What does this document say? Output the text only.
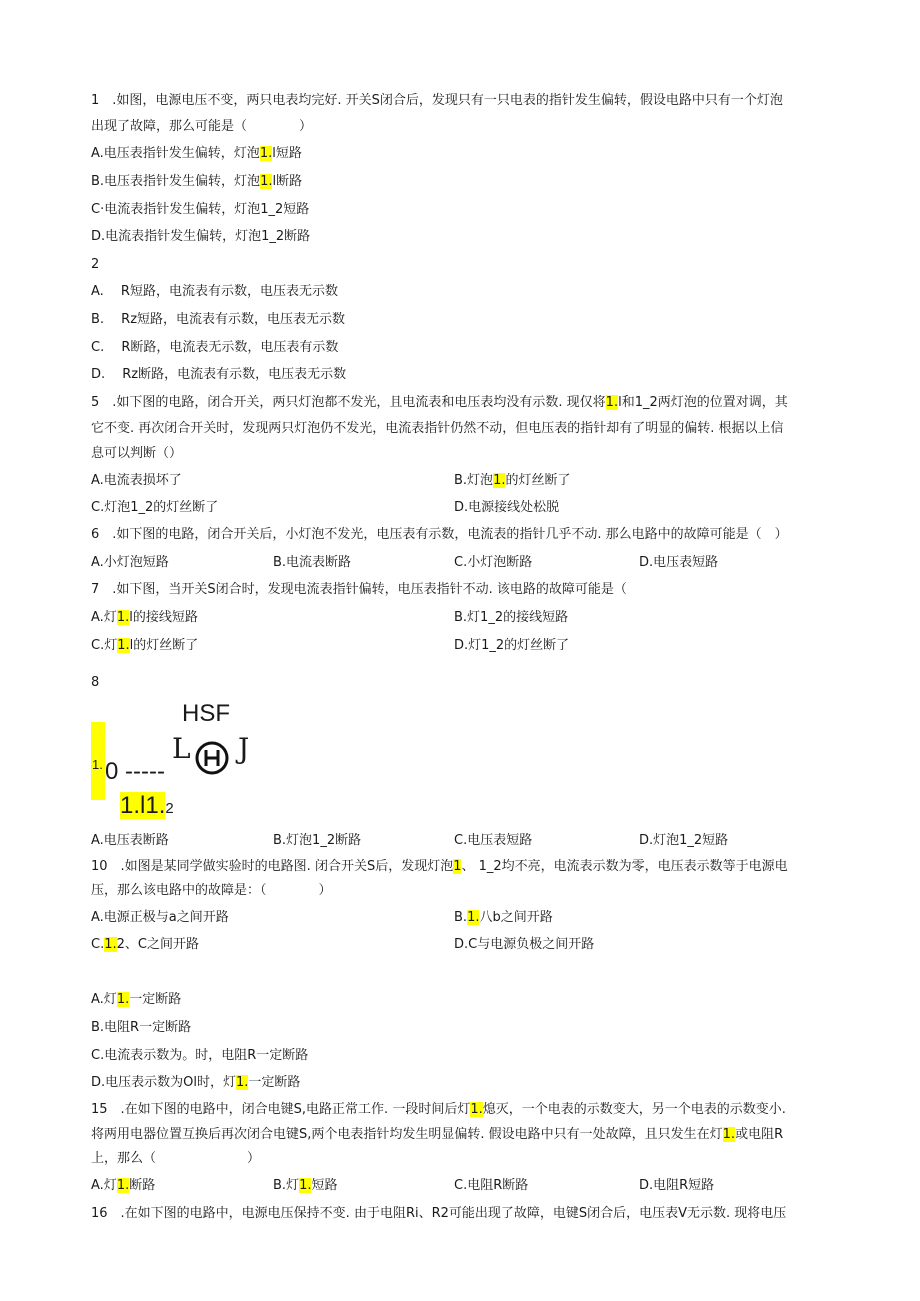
1　.如图，电源电压不变，两只电表均完好. 开关S闭合后，发现只有一只电表的指针发生偏转，假设电路中只有一个灯泡
出现了故障，那么可能是（　　　　）
A.电压表指针发生偏转，灯泡1.l短路
B.电压表指针发生偏转，灯泡1.l断路
C·电流表指针发生偏转，灯泡1_2短路
D.电流表指针发生偏转，灯泡1_2断路
2
A.　 R短路，电流表有示数，电压表无示数
B.　 Rz短路，电流表有示数，电压表无示数
C.　 R断路，电流表无示数，电压表有示数
D.　 Rz断路，电流表有示数，电压表无示数
5　.如下图的电路，闭合开关，两只灯泡都不发光，且电流表和电压表均没有示数. 现仅将1.l和1_2两灯泡的位置对调，其
它不变. 再次闭合开关时，发现两只灯泡仍不发光，电流表指针仍然不动，但电压表的指针却有了明显的偏转. 根据以上信
息可以判断（）
A.电流表损坏了	B.灯泡1.的灯丝断了
C.灯泡1_2的灯丝断了	D.电源接线处松脱
6　.如下图的电路，闭合开关后，小灯泡不发光，电压表有示数，电流表的指针几乎不动. 那么电路中的故障可能是（　）
A.小灯泡短路	B.电流表断路	C.小灯泡断路	D.电压表短路
7　.如下图，当开关S闭合时，发现电流表指针偏转，电压表指针不动. 该电路的故障可能是（
A.灯1.l的接线短路	B.灯1_2的接线短路
C.灯1.l的灯丝断了	D.灯1_2的灯丝断了
8
HSF
L J
1. 0 -----
1.l1.2
A.电压表断路	B.灯泡1_2断路	C.电压表短路	D.灯泡1_2短路
10　.如图是某同学做实验时的电路图. 闭合开关S后，发现灯泡1、 1_2均不亮，电流表示数为零，电压表示数等于电源电
压，那么该电路中的故障是：（　　　　）
A.电源正极与a之间开路	B.1.八b之间开路
C.1.2、C之间开路	D.C与电源负极之间开路
A.灯1.一定断路
B.电阻R一定断路
C.电流表示数为。时，电阻R一定断路
D.电压表示数为Ol时，灯1.一定断路
15　.在如下图的电路中，闭合电键S,电路正常工作. 一段时间后灯1.熄灭，一个电表的示数变大，另一个电表的示数变小.
将两用电器位置互换后再次闭合电键S,两个电表指针均发生明显偏转. 假设电路中只有一处故障，且只发生在灯1.或电阻R
上，那么（　　　　　　　）
A.灯1.断路	B.灯1.短路	C.电阻R断路	D.电阻R短路
16　.在如下图的电路中，电源电压保持不变. 由于电阻Ri、R2可能出现了故障，电键S闭合后，电压表V无示数. 现将电压
